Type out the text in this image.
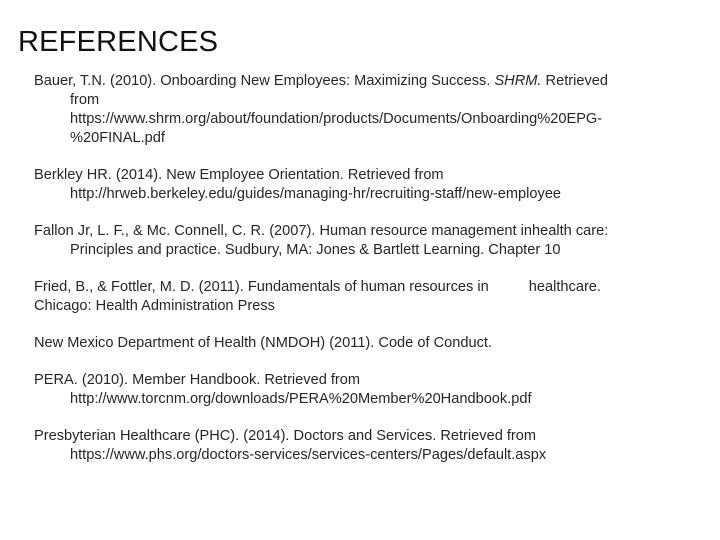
REFERENCES
Bauer, T.N. (2010). Onboarding New Employees: Maximizing Success. SHRM. Retrieved
from
https://www.shrm.org/about/foundation/products/Documents/Onboarding%20EPG-
%20FINAL.pdf
Berkley HR. (2014). New Employee Orientation. Retrieved from
http://hrweb.berkeley.edu/guides/managing-hr/recruiting-staff/new-employee
Fallon Jr, L. F., & Mc. Connell, C. R. (2007). Human resource management inhealth care:
Principles and practice. Sudbury, MA: Jones & Bartlett Learning. Chapter 10
Fried, B., & Fottler, M. D. (2011). Fundamentals of human resources in	healthcare.
Chicago: Health Administration Press
New Mexico Department of Health (NMDOH) (2011). Code of Conduct.
PERA. (2010). Member Handbook. Retrieved from
http://www.torcnm.org/downloads/PERA%20Member%20Handbook.pdf
Presbyterian Healthcare (PHC). (2014). Doctors and Services. Retrieved from
https://www.phs.org/doctors-services/services-centers/Pages/default.aspx
